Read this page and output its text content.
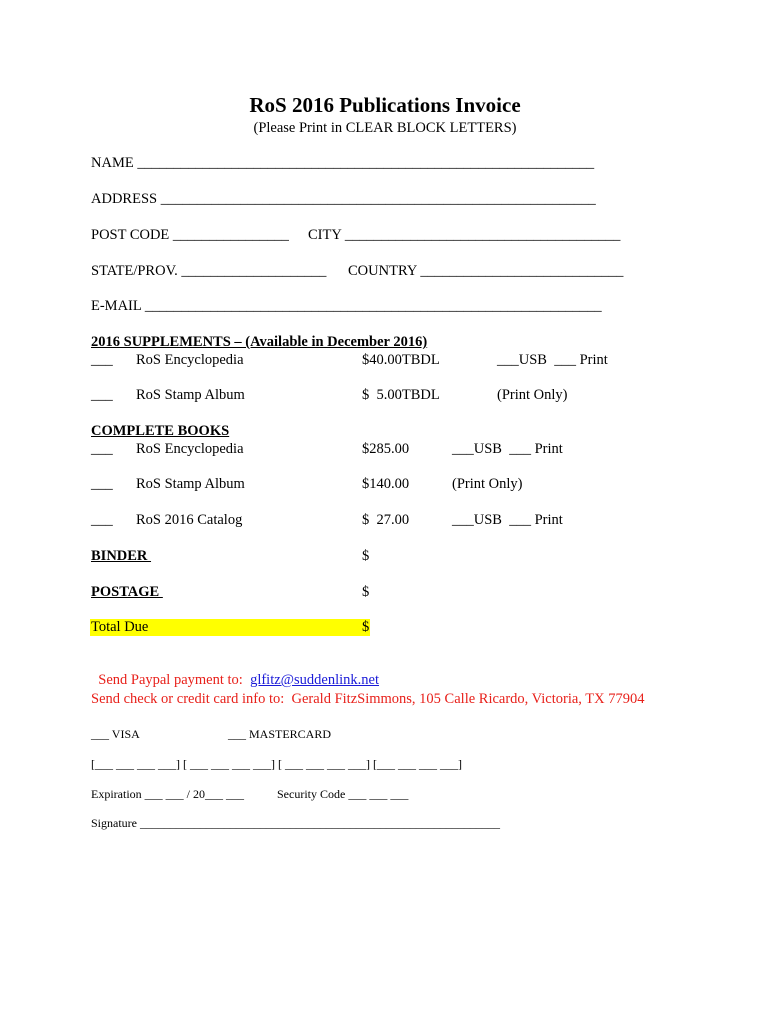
RoS 2016 Publications Invoice
(Please Print in CLEAR BLOCK LETTERS)
NAME _______________________________________________________________
ADDRESS ____________________________________________________________
POST CODE ________________ CITY ______________________________________
STATE/PROV. ____________________ COUNTRY ____________________________
E-MAIL _______________________________________________________________
2016 SUPPLEMENTS – (Available in December 2016)
___ RoS Encyclopedia	$40.00TBDL	___USB  ___ Print
___ RoS Stamp Album	$  5.00TBDL	(Print Only)
COMPLETE BOOKS
___ RoS Encyclopedia	$285.00	___USB  ___ Print
___ RoS Stamp Album	$140.00	(Print Only)
___ RoS 2016 Catalog	$  27.00	___USB  ___ Print
BINDER	$
POSTAGE	$
Total Due	$

Send Paypal payment to:  glfitz@suddenlink.net

Send check or credit card info to:  Gerald FitzSimmons, 105 Calle Ricardo, Victoria, TX 77904
___ VISA	___ MASTERCARD
[___ ___ ___ ___] [ ___ ___ ___ ___] [ ___ ___ ___ ___] [___ ___ ___ ___]
Expiration ___ ___ / 20___ ___	Security Code ___ ___ ___
Signature ____________________________________________________________
